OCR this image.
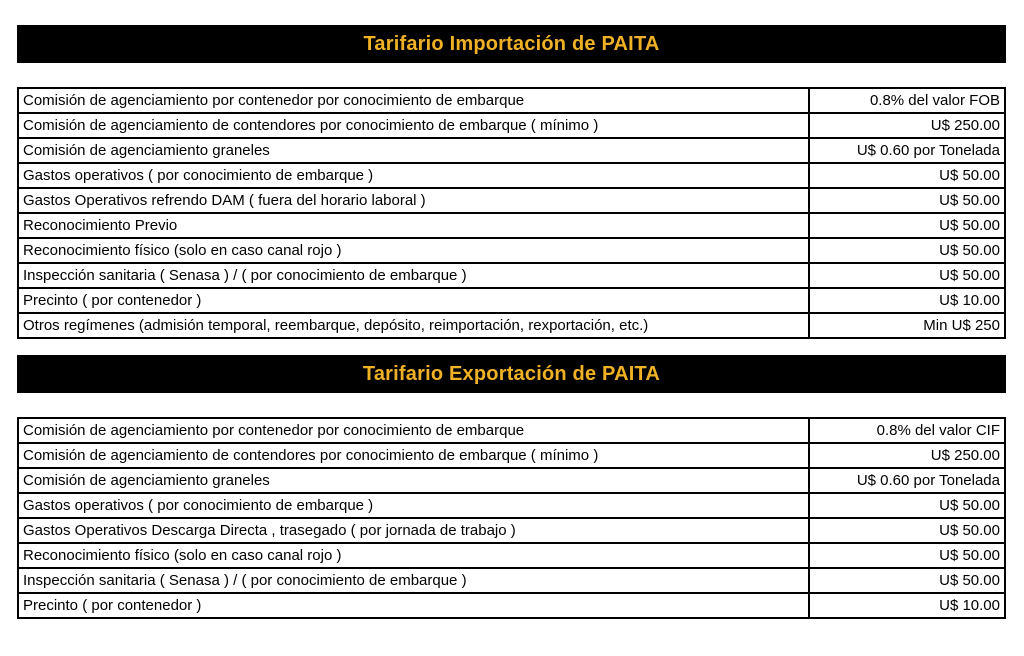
Tarifario Importación de PAITA
Comisión de agenciamiento por contenedor por conocimiento de embarque	0.8% del valor FOB
Comisión de agenciamiento de contendores por conocimiento de embarque ( mínimo )	U$ 250.00
Comisión de agenciamiento graneles	U$ 0.60 por Tonelada
Gastos operativos ( por conocimiento de embarque )	U$ 50.00
Gastos Operativos refrendo DAM ( fuera del horario laboral )	U$ 50.00
Reconocimiento Previo	U$ 50.00
Reconocimiento físico (solo en caso canal rojo )	U$ 50.00
Inspección sanitaria ( Senasa ) / ( por conocimiento de embarque )	U$ 50.00
Precinto ( por contenedor )	U$ 10.00
Otros regímenes (admisión temporal, reembarque, depósito, reimportación, rexportación, etc.)	Min U$ 250
Tarifario Exportación de PAITA
Comisión de agenciamiento por contenedor por conocimiento de embarque	0.8% del valor CIF
Comisión de agenciamiento de contendores por conocimiento de embarque ( mínimo )	U$ 250.00
Comisión de agenciamiento graneles	U$ 0.60 por Tonelada
Gastos operativos ( por conocimiento de embarque )	U$ 50.00
Gastos Operativos Descarga Directa , trasegado ( por jornada de trabajo )	U$ 50.00
Reconocimiento físico (solo en caso canal rojo )	U$ 50.00
Inspección sanitaria ( Senasa ) / ( por conocimiento de embarque )	U$ 50.00
Precinto ( por contenedor )	U$ 10.00
